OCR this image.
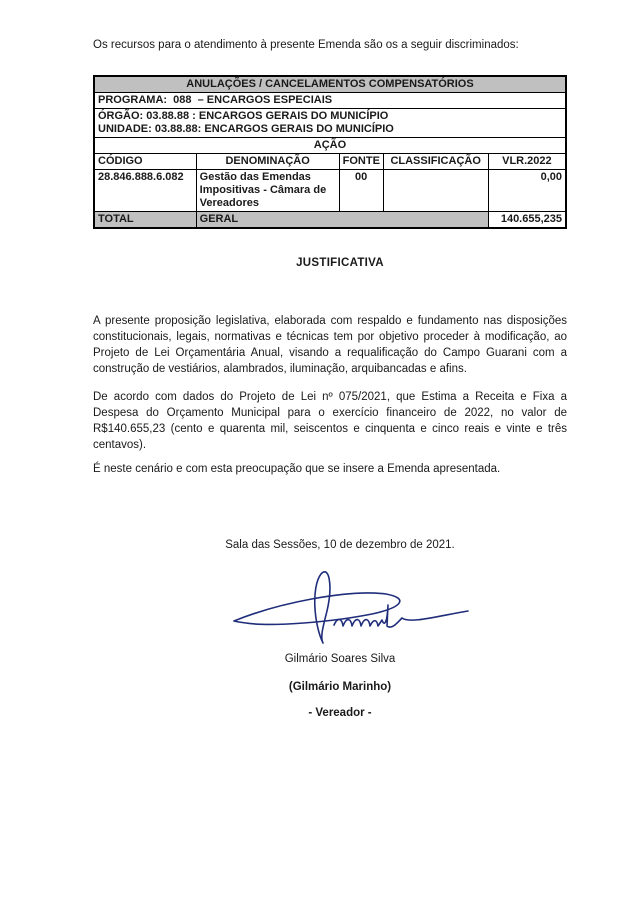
Os recursos para o atendimento à presente Emenda são os a seguir discriminados:
ANULAÇÕES / CANCELAMENTOS COMPENSATÓRIOS				
PROGRAMA:  088  – ENCARGOS ESPECIAIS				

ÓRGÃO: 03.88.88 : ENCARGOS GERAIS DO MUNICÍPIO
UNIDADE: 03.88.88: ENCARGOS GERAIS DO MUNICÍPIO				

AÇÃO				
CÓDIGO	DENOMINAÇÃO	FONTE	CLASSIFICAÇÃO	VLR.2022
28.846.888.6.082	Gestão das Emendas Impositivas - Câmara de Vereadores	00		0,00
TOTAL	GERAL			140.655,235
JUSTIFICATIVA
A presente proposição legislativa, elaborada com respaldo e fundamento nas disposições constitucionais, legais, normativas e técnicas tem por objetivo proceder à modificação, ao Projeto de Lei Orçamentária Anual, visando a requalificação do Campo Guarani com a construção de vestiários, alambrados, iluminação, arquibancadas e afins.
De acordo com dados do Projeto de Lei nº 075/2021, que Estima a Receita e Fixa a Despesa do Orçamento Municipal para o exercício financeiro de 2022, no valor de R$140.655,23 (cento e quarenta mil, seiscentos e cinquenta e cinco reais e vinte e três centavos).
É neste cenário e com esta preocupação que se insere a Emenda apresentada.
Sala das Sessões, 10 de dezembro de 2021.
Gilmário Soares Silva
(Gilmário Marinho)
- Vereador -
